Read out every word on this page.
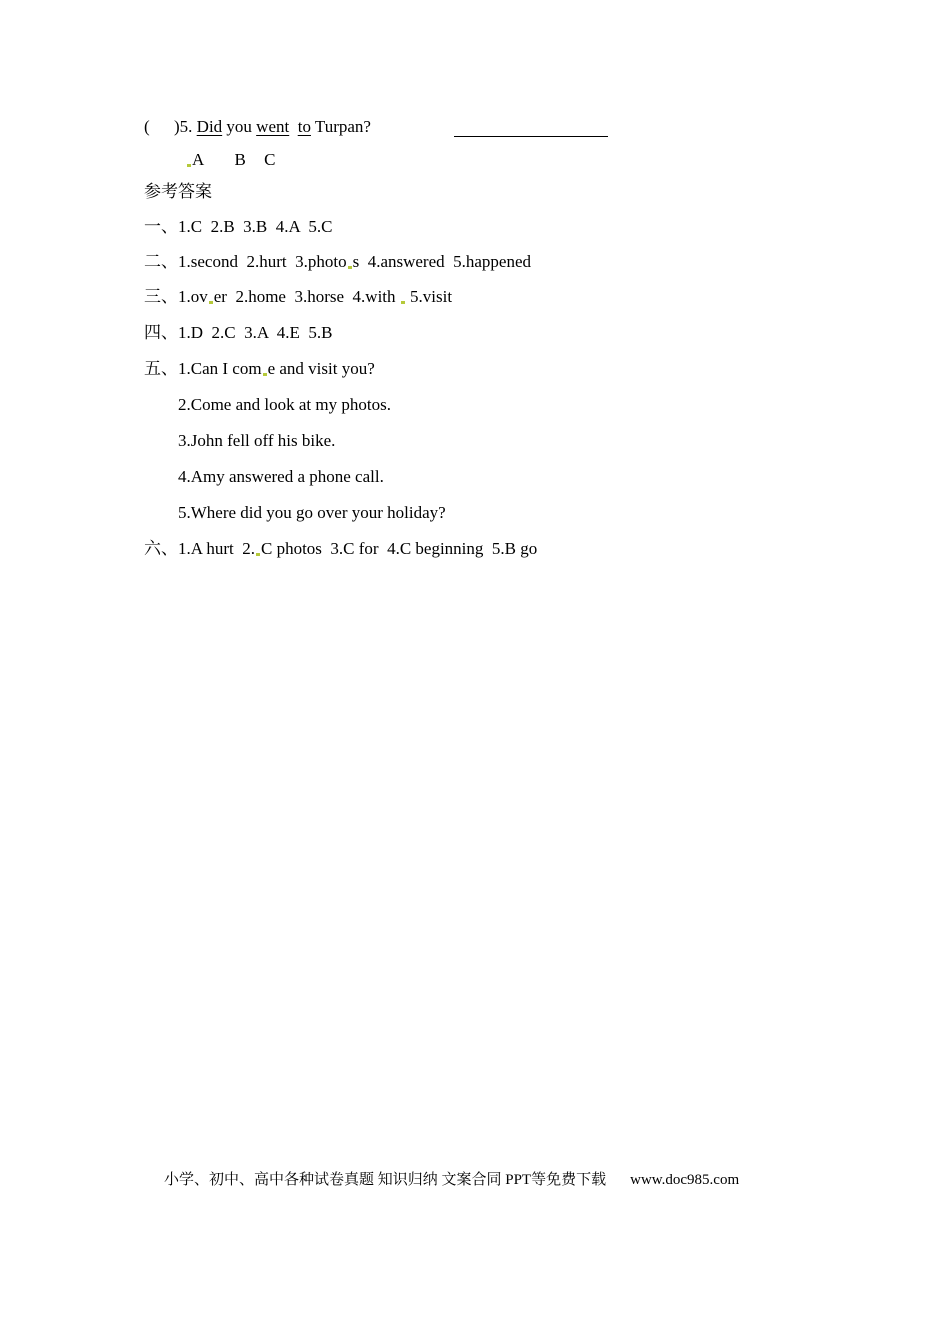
( )5. Did you went to Turpan?
A B C
参考答案
一、1.C  2.B  3.B  4.A  5.C
二、1.second  2.hurt  3.photo s  4.answered  5.happened
三、1.ov er  2.home  3.horse  4.with  5.visit
四、1.D  2.C  3.A  4.E  5.B
五、1.Can I com e and visit you?
2.Come and look at my photos.
3.John fell off his bike.
4.Amy answered a phone call.
5.Where did you go over your holiday?
六、1.A hurt  2. C photos  3.C for  4.C beginning  5.B go
小学、初中、高中各种试卷真题 知识归纳 文案合同 PPT等免费下载 www.doc985.com
